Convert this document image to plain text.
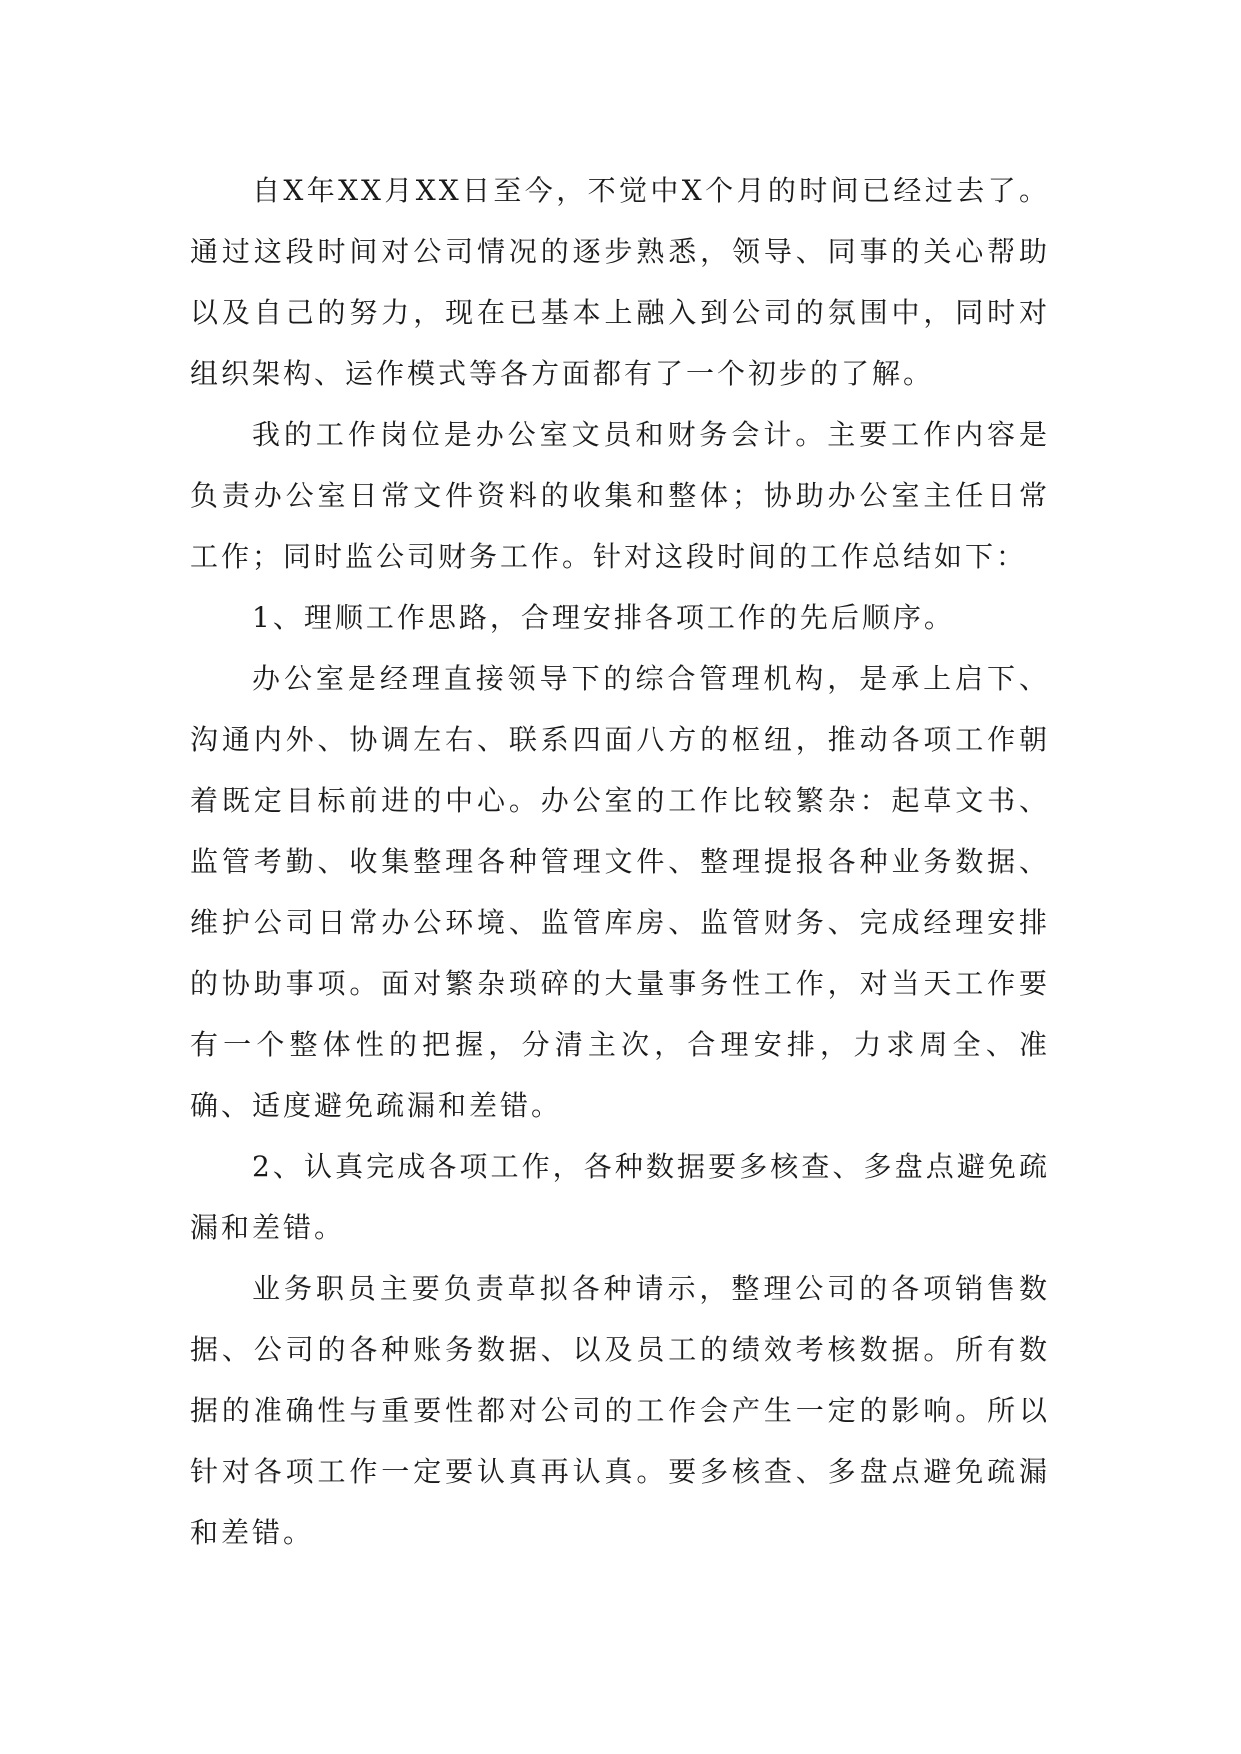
自X年XX月XX日至今，不觉中X个月的时间已经过去了。通过这段时间对公司情况的逐步熟悉，领导、同事的关心帮助以及自己的努力，现在已基本上融入到公司的氛围中，同时对组织架构、运作模式等各方面都有了一个初步的了解。

我的工作岗位是办公室文员和财务会计。主要工作内容是负责办公室日常文件资料的收集和整体；协助办公室主任日常工作；同时监公司财务工作。针对这段时间的工作总结如下：

1、理顺工作思路，合理安排各项工作的先后顺序。

办公室是经理直接领导下的综合管理机构，是承上启下、沟通内外、协调左右、联系四面八方的枢纽，推动各项工作朝着既定目标前进的中心。办公室的工作比较繁杂：起草文书、监管考勤、收集整理各种管理文件、整理提报各种业务数据、维护公司日常办公环境、监管库房、监管财务、完成经理安排的协助事项。面对繁杂琐碎的大量事务性工作，对当天工作要有一个整体性的把握，分清主次，合理安排，力求周全、准确、适度避免疏漏和差错。

2、认真完成各项工作，各种数据要多核查、多盘点避免疏漏和差错。

业务职员主要负责草拟各种请示，整理公司的各项销售数据、公司的各种账务数据、以及员工的绩效考核数据。所有数据的准确性与重要性都对公司的工作会产生一定的影响。所以针对各项工作一定要认真再认真。要多核查、多盘点避免疏漏和差错。
